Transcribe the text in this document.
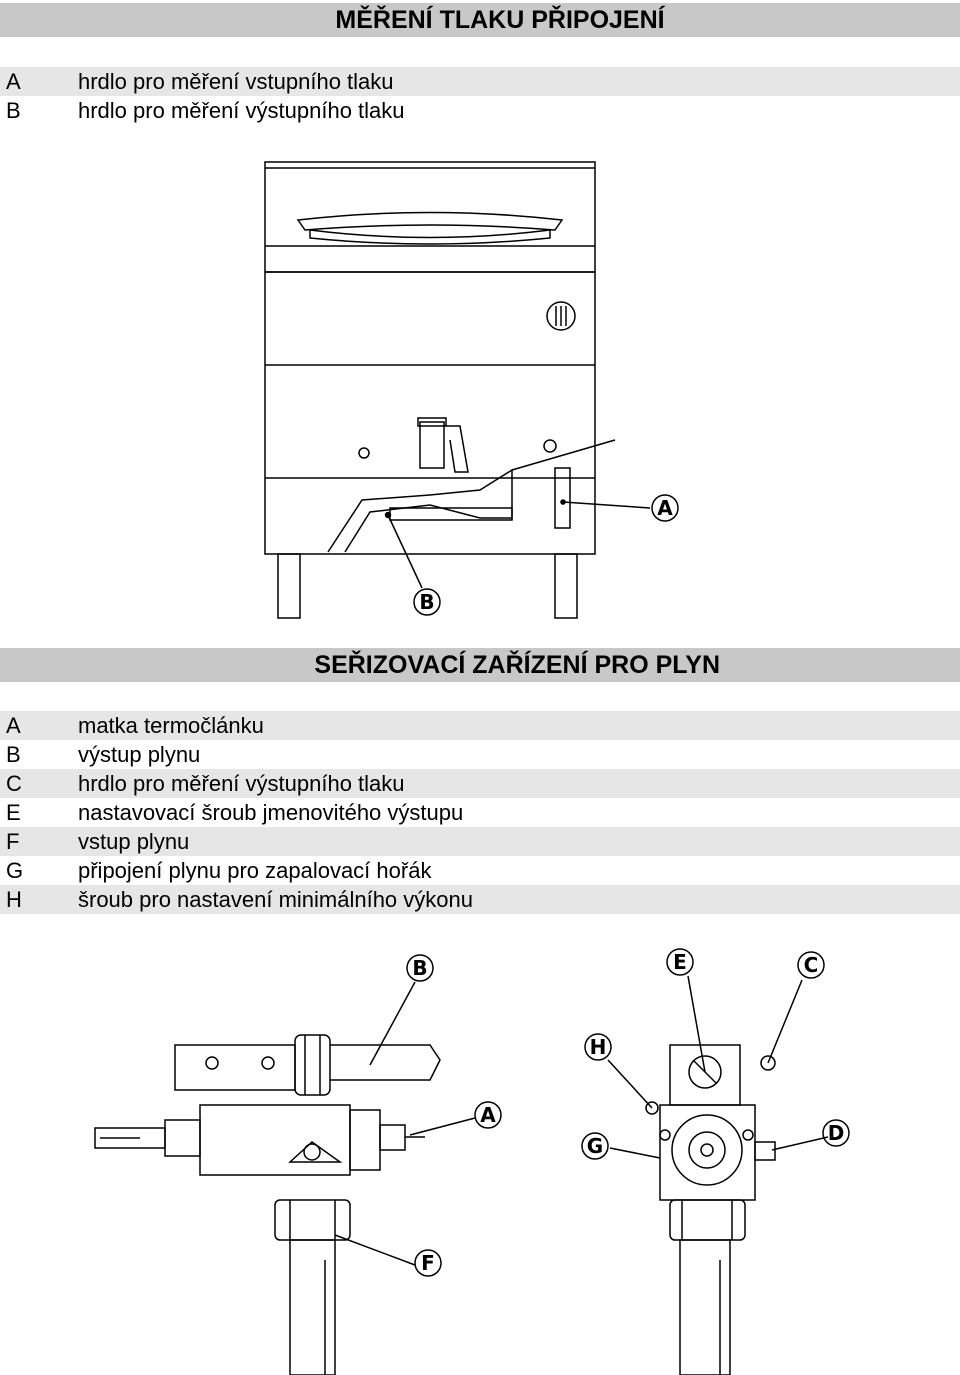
MĚŘENÍ TLAKU PŘIPOJENÍ
A	hrdlo pro měření vstupního tlaku
B	hrdlo pro měření výstupního tlaku
A
B
SEŘIZOVACÍ ZAŘÍZENÍ PRO PLYN
A	matka termočlánku
B	výstup plynu
C	hrdlo pro měření výstupního tlaku
E	nastavovací šroub jmenovitého výstupu
F	vstup plynu
G připojení plynu pro zapalovací hořák
H	šroub pro nastavení minimálního výkonu
B
A
F
E	C
H
D
G
